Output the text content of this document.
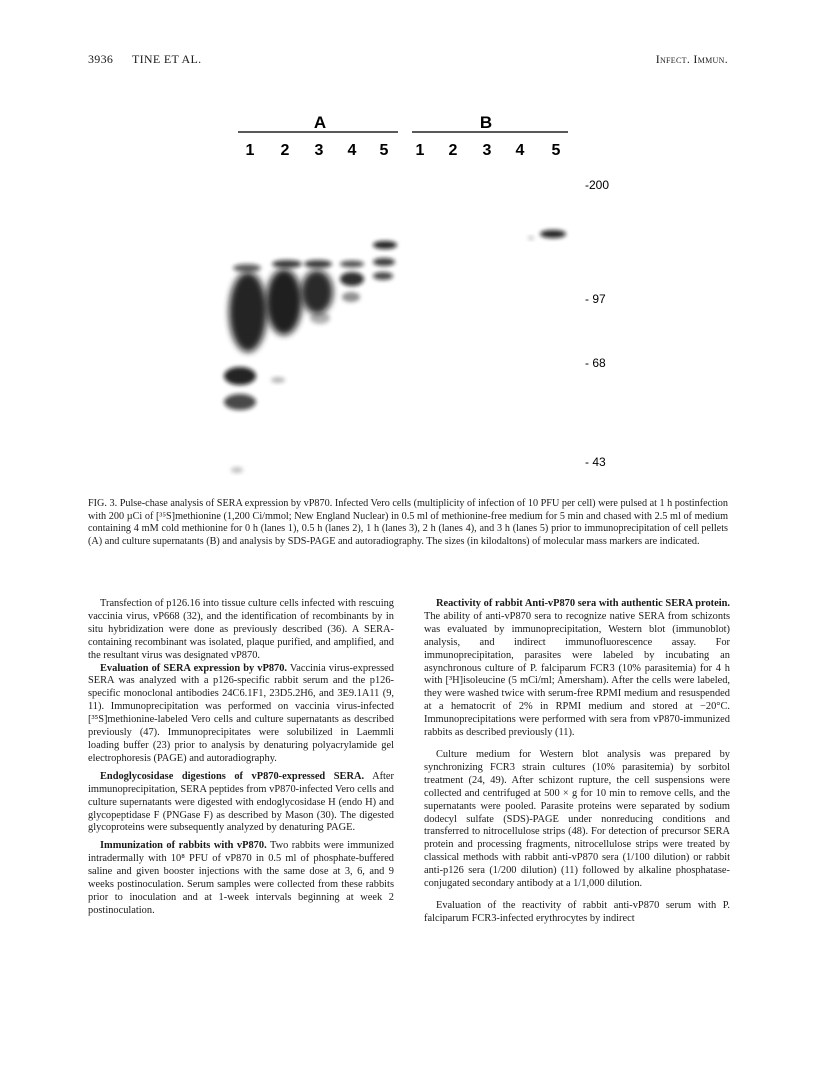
3936 TINE ET AL.	Infect. Immun.
A	B
1 2 3 4 5 1 2 3 4 5
-200
- 97
- 68
- 43

FIG. 3. Pulse-chase analysis of SERA expression by vP870. Infected Vero cells (multiplicity of infection of 10 PFU per cell) were pulsed at 1 h postinfection with 200 µCi of [³⁵S]methionine (1,200 Ci/mmol; New England Nuclear) in 0.5 ml of methionine-free medium for 5 min and chased with 2.5 ml of medium containing 4 mM cold methionine for 0 h (lanes 1), 0.5 h (lanes 2), 1 h (lanes 3), 2 h (lanes 4), and 3 h (lanes 5) prior to immunoprecipitation of cell pellets (A) and culture supernatants (B) and analysis by SDS-PAGE and autoradiography. The sizes (in kilodaltons) of molecular mass markers are indicated.

Transfection of p126.16 into tissue culture cells infected with rescuing vaccinia virus, vP668 (32), and the identification of recombinants by in situ hybridization were done as previously described (36). A SERA-containing recombinant was isolated, plaque purified, and amplified, and the resultant virus was designated vP870.

Evaluation of SERA expression by vP870. Vaccinia virus-expressed SERA was analyzed with a p126-specific rabbit serum and the p126-specific monoclonal antibodies 24C6.1F1, 23D5.2H6, and 3E9.1A11 (9, 11). Immunoprecipitation was performed on vaccinia virus-infected [³⁵S]methionine-labeled Vero cells and culture supernatants as described previously (47). Immunoprecipitates were solubilized in Laemmli loading buffer (23) prior to analysis by denaturing polyacrylamide gel electrophoresis (PAGE) and autoradiography.

Endoglycosidase digestions of vP870-expressed SERA. After immunoprecipitation, SERA peptides from vP870-infected Vero cells and culture supernatants were digested with endoglycosidase H (endo H) and glycopeptidase F (PNGase F) as described by Mason (30). The digested glycoproteins were subsequently analyzed by denaturing PAGE.

Immunization of rabbits with vP870. Two rabbits were immunized intradermally with 10⁸ PFU of vP870 in 0.5 ml of phosphate-buffered saline and given booster injections with the same dose at 3, 6, and 9 weeks postinoculation. Serum samples were collected from these rabbits prior to inoculation and at 1-week intervals beginning at week 2 postinoculation.

Reactivity of rabbit Anti-vP870 sera with authentic SERA protein. The ability of anti-vP870 sera to recognize native SERA from schizonts was evaluated by immunoprecipitation, Western blot (immunoblot) analysis, and indirect immunofluorescence assay. For immunoprecipitation, parasites were labeled by incubating an asynchronous culture of P. falciparum FCR3 (10% parasitemia) for 4 h with [³H]isoleucine (5 mCi/ml; Amersham). After the cells were labeled, they were washed twice with serum-free RPMI medium and resuspended at a hematocrit of 2% in RPMI medium and stored at −20°C. Immunoprecipitations were performed with sera from vP870-immunized rabbits as described previously (11).

Culture medium for Western blot analysis was prepared by synchronizing FCR3 strain cultures (10% parasitemia) by sorbitol treatment (24, 49). After schizont rupture, the cell suspensions were collected and centrifuged at 500 × g for 10 min to remove cells, and the supernatants were pooled. Parasite proteins were separated by sodium dodecyl sulfate (SDS)-PAGE under nonreducing conditions and transferred to nitrocellulose strips (48). For detection of precursor SERA protein and processing fragments, nitrocellulose strips were treated by classical methods with rabbit anti-vP870 sera (1/100 dilution) or rabbit anti-p126 sera (1/200 dilution) (11) followed by alkaline phosphatase-conjugated secondary antibody at a 1/1,000 dilution.

Evaluation of the reactivity of rabbit anti-vP870 serum with P. falciparum FCR3-infected erythrocytes by indirect
